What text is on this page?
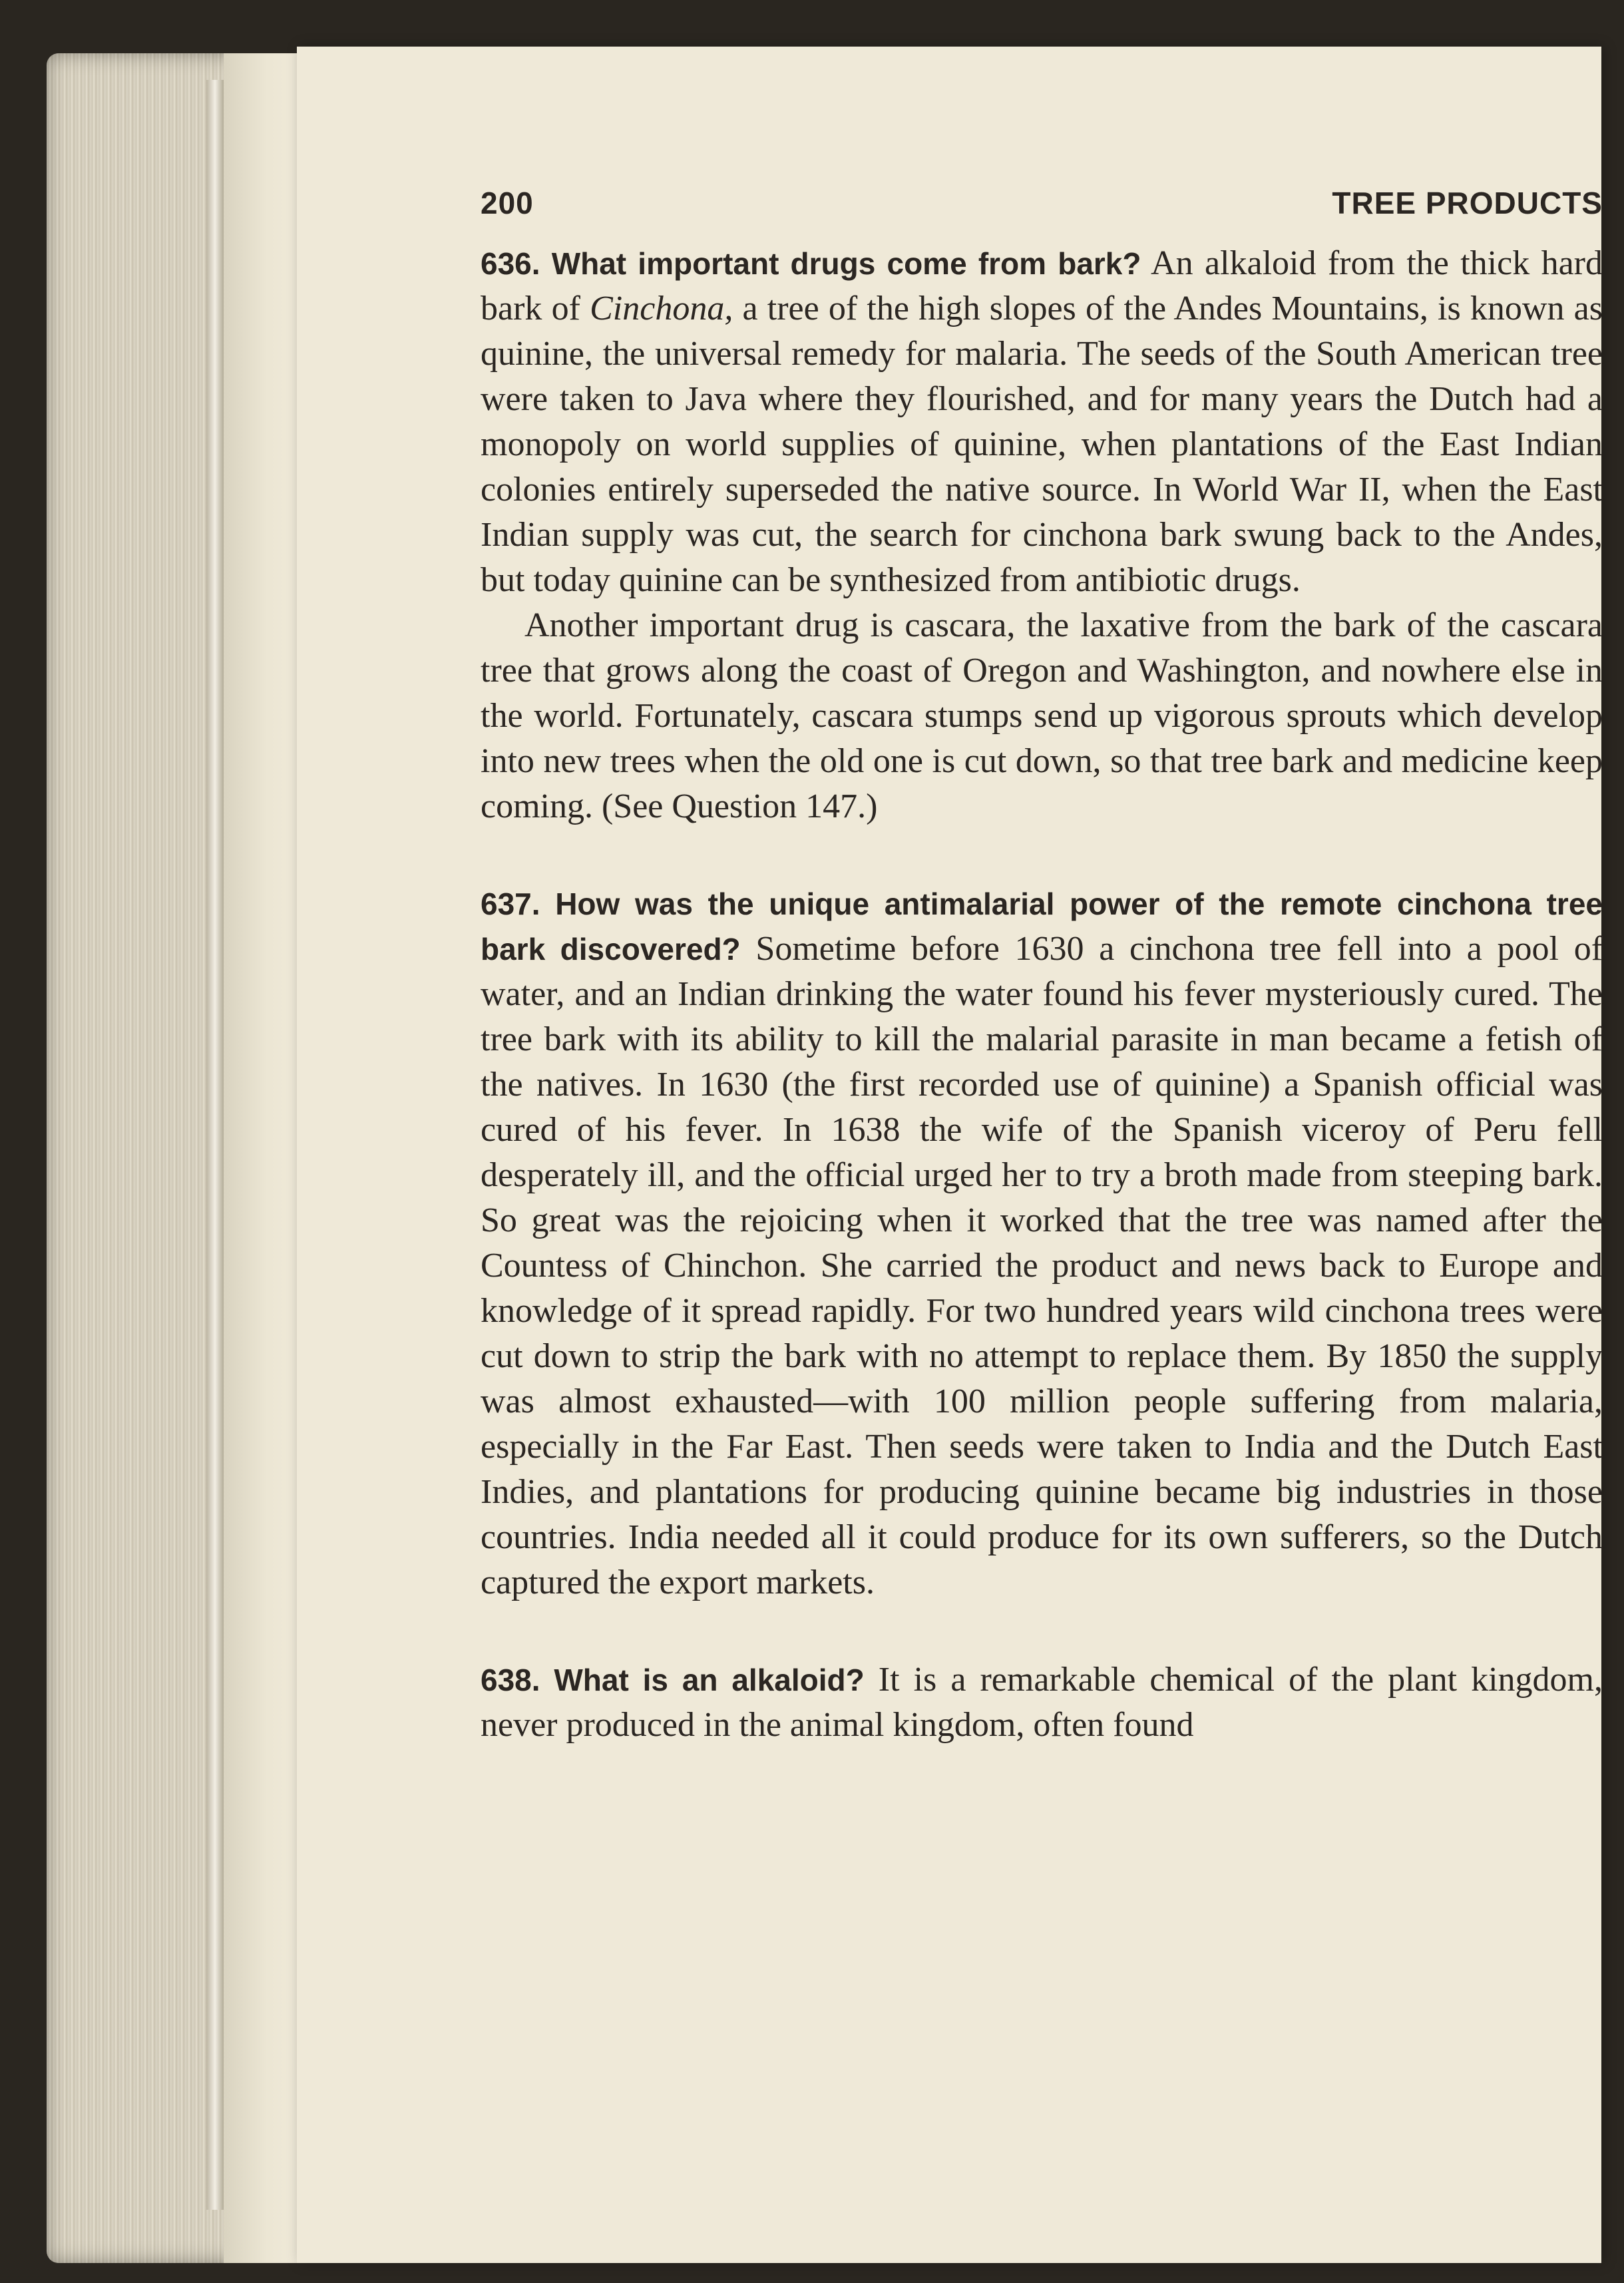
200	TREE PRODUCTS

636. What important drugs come from bark? An alkaloid from the thick hard bark of Cinchona, a tree of the high slopes of the Andes Mountains, is known as quinine, the universal remedy for malaria. The seeds of the South American tree were taken to Java where they flourished, and for many years the Dutch had a monopoly on world supplies of quinine, when plantations of the East Indian colonies entirely superseded the native source. In World War II, when the East Indian supply was cut, the search for cinchona bark swung back to the Andes, but today quinine can be synthesized from antibiotic drugs.

Another important drug is cascara, the laxative from the bark of the cascara tree that grows along the coast of Oregon and Washington, and nowhere else in the world. Fortunately, cascara stumps send up vigorous sprouts which develop into new trees when the old one is cut down, so that tree bark and medicine keep coming. (See Question 147.)

637. How was the unique antimalarial power of the remote cinchona tree bark discovered? Sometime before 1630 a cinchona tree fell into a pool of water, and an Indian drinking the water found his fever mysteriously cured. The tree bark with its ability to kill the malarial parasite in man became a fetish of the natives. In 1630 (the first recorded use of quinine) a Spanish official was cured of his fever. In 1638 the wife of the Spanish viceroy of Peru fell desperately ill, and the official urged her to try a broth made from steeping bark. So great was the rejoicing when it worked that the tree was named after the Countess of Chinchon. She carried the product and news back to Europe and knowledge of it spread rapidly. For two hundred years wild cinchona trees were cut down to strip the bark with no attempt to replace them. By 1850 the supply was almost exhausted—with 100 million people suffering from malaria, especially in the Far East. Then seeds were taken to India and the Dutch East Indies, and plantations for producing quinine became big industries in those countries. India needed all it could produce for its own sufferers, so the Dutch captured the export markets.

638. What is an alkaloid? It is a remarkable chemical of the plant kingdom, never produced in the animal kingdom, often found
